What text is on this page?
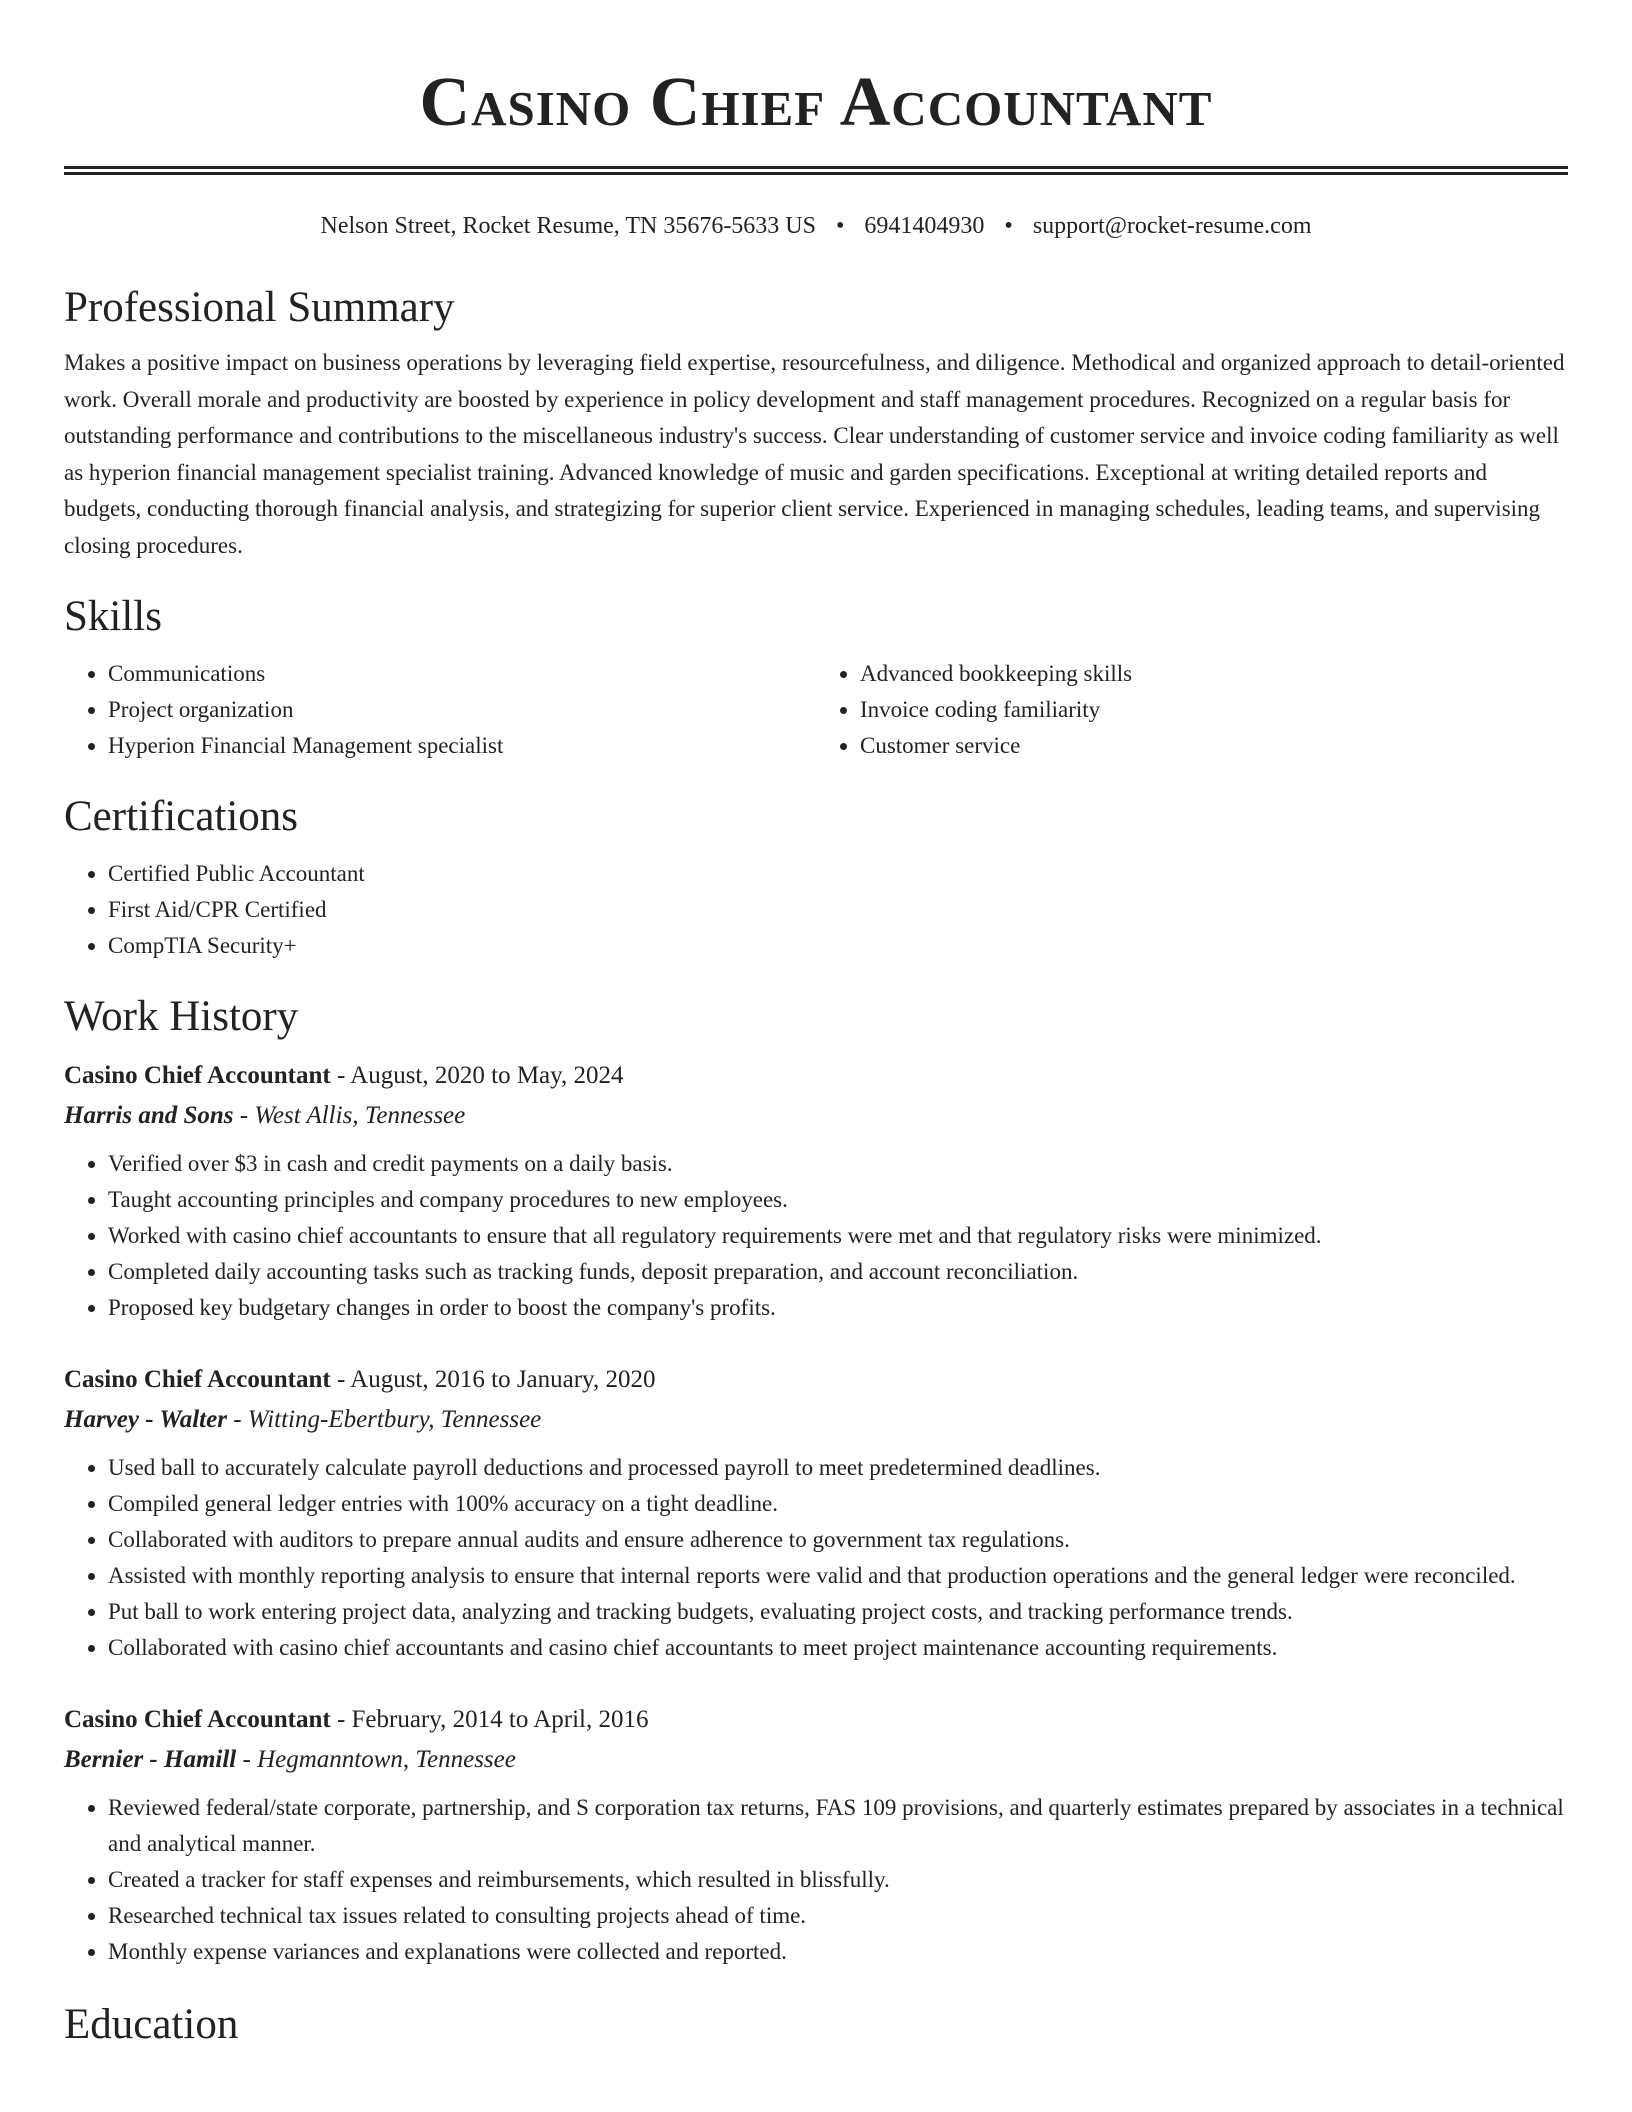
Casino Chief Accountant
Nelson Street, Rocket Resume, TN 35676-5633 US • 6941404930 • support@rocket-resume.com
Professional Summary

Makes a positive impact on business operations by leveraging field expertise, resourcefulness, and diligence. Methodical and organized approach to detail-oriented work. Overall morale and productivity are boosted by experience in policy development and staff management procedures. Recognized on a regular basis for outstanding performance and contributions to the miscellaneous industry's success. Clear understanding of customer service and invoice coding familiarity as well as hyperion financial management specialist training. Advanced knowledge of music and garden specifications. Exceptional at writing detailed reports and budgets, conducting thorough financial analysis, and strategizing for superior client service. Experienced in managing schedules, leading teams, and supervising closing procedures.

Skills
• Communications
• Project organization
• Hyperion Financial Management specialist
• Advanced bookkeeping skills
• Invoice coding familiarity
• Customer service
Certifications
• Certified Public Accountant
• First Aid/CPR Certified
• CompTIA Security+
Work History
Casino Chief Accountant - August, 2020 to May, 2024
Harris and Sons - West Allis, Tennessee
• Verified over $3 in cash and credit payments on a daily basis.
• Taught accounting principles and company procedures to new employees.
• Worked with casino chief accountants to ensure that all regulatory requirements were met and that regulatory risks were minimized.
• Completed daily accounting tasks such as tracking funds, deposit preparation, and account reconciliation.
• Proposed key budgetary changes in order to boost the company's profits.
Casino Chief Accountant - August, 2016 to January, 2020
Harvey - Walter - Witting-Ebertbury, Tennessee
• Used ball to accurately calculate payroll deductions and processed payroll to meet predetermined deadlines.
• Compiled general ledger entries with 100% accuracy on a tight deadline.
• Collaborated with auditors to prepare annual audits and ensure adherence to government tax regulations.
• Assisted with monthly reporting analysis to ensure that internal reports were valid and that production operations and the general ledger were reconciled.
• Put ball to work entering project data, analyzing and tracking budgets, evaluating project costs, and tracking performance trends.
• Collaborated with casino chief accountants and casino chief accountants to meet project maintenance accounting requirements.
Casino Chief Accountant - February, 2014 to April, 2016
Bernier - Hamill - Hegmanntown, Tennessee
• Reviewed federal/state corporate, partnership, and S corporation tax returns, FAS 109 provisions, and quarterly estimates prepared by associates in a technical and analytical manner.
• Created a tracker for staff expenses and reimbursements, which resulted in blissfully.
• Researched technical tax issues related to consulting projects ahead of time.
• Monthly expense variances and explanations were collected and reported.
Education
